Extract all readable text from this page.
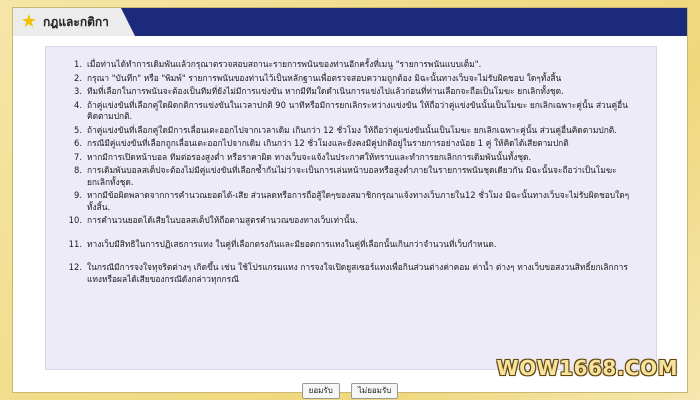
★ กฎและกติกา
1. เมื่อท่านได้ทำการเดิมพันแล้วกรุณาตรวจสอบสถานะรายการพนันของท่านอีกครั้งที่เมนู "รายการพนันแบบเต็ม".
2. กรุณา "บันทึก" หรือ "พิมพ์" รายการพนันของท่านไว้เป็นหลักฐานเพื่อตรวจสอบความถูกต้อง มิฉะนั้นทางเว็บจะไม่รับผิดชอบ ใดๆทั้งสิ้น
3. ทีมที่เลือกในการพนันจะต้องเป็นทีมที่ยังไม่มีการแข่งขัน หากมีทีมใดดำเนินการแข่งไปแล้วก่อนที่ท่านเลือกจะถือเป็นโมฆะ ยกเลิกทั้งชุด.
4. ถ้าคู่แข่งขันที่เลือกคู่ใดผิดกติการแข่งขันในเวลาปกติ 90 นาทีหรือมีการยกเลิกระหว่างแข่งขัน ให้ถือว่าคู่แข่งขันนั้นเป็นโมฆะ ยกเลิกเฉพาะคู่นั้น ส่วนคู่อื่นคิดตามปกติ.
5. ถ้าคู่แข่งขันที่เลือกคู่ใดมีการเลื่อนเตะออกไปจากเวลาเดิม เกินกว่า 12 ชั่วโมง ให้ถือว่าคู่แข่งขันนั้นเป็นโมฆะ ยกเลิกเฉพาะคู่นั้น ส่วนคู่อื่นคิดตามปกติ.
6. กรณีมีคู่แข่งขันที่เลือกถูกเลื่อนเตะออกไปจากเดิม เกินกว่า 12 ชั่วโมงและยังคงมีคู่ปกติอยู่ในรายการอย่างน้อย 1 คู่ ให้คิดได้เสียตามปกติ
7. หากมีการเปิดหน้าบอล ทีมต่อรองสูงต่ำ หรือราคาผิด ทางเว็บจะแจ้งในประกาศให้ทราบและทำการยกเลิกการเดิมพันนั้นทั้งชุด.
8. การเดิมพันบอลสเต็ปจะต้องไม่มีคู่แข่งขันที่เลือกซ้ำกันไม่ว่าจะเป็นการเล่นหน้าบอลหรือสูงต่ำภายในรายการพนันชุดเดียวกัน มิฉะนั้นจะถือว่าเป็นโมฆะ ยกเลิกทั้งชุด.
9. หากมีข้อผิดพลาดจากการคำนวณยอดได้-เสีย ส่วนลดหรือการถือสู้ใดๆของสมาชิกกรุณาแจ้งทางเว็บภายใน12 ชั่วโมง มิฉะนั้นทางเว็บจะไม่รับผิดชอบใดๆทั้งสิ้น.
10. การคำนวนยอดได้เสียในบอลสเต็ปให้ถือตามสูตรคำนวณของทางเว็บเท่านั้น.
11. ทางเว็บมีสิทธิในการปฏิเสธการแทง ในคู่ที่เลือกตรงกันและมียอดการแทงในคู่ที่เลือกนั้นเกินกว่าจำนวนที่เว็บกำหนด.
12. ในกรณีมีการจงใจทุจริตต่างๆ เกิดขึ้น เช่น ใช้โปรแกรมแทง การจงใจเปิดยูสเซอร์แทงเพื่อกินส่วนต่างค่าคอม ค่าน้ำ ต่างๆ ทางเว็บขอสงวนสิทธิ์ยกเลิกการแทงหรือผลได้เสียของกรณีดังกล่าวทุกกรณี
ยอมรับ	ไม่ยอมรับ
WOW1668.COM
